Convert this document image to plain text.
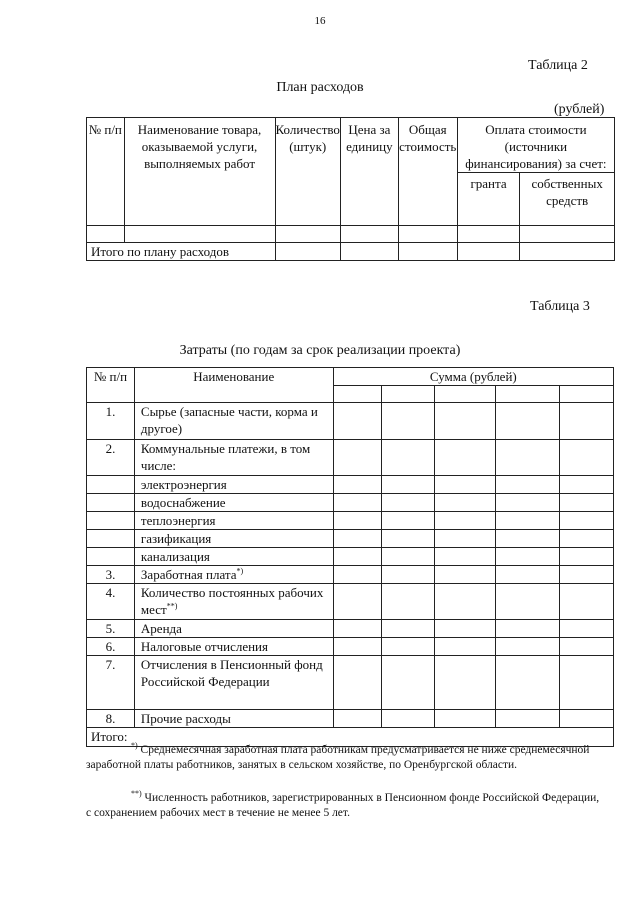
16
Таблица 2
План расходов
(рублей)
№ п/п	Наименование товара, оказываемой услуги, выполняемых работ	Количество (штук)	Цена за единицу	Общая стоимость	Оплата стоимости (источники финансирования) за счет:	
					гранта	собственных средств

Итого по плану расходов						
Таблица 3
Затраты (по годам за срок реализации проекта)
№ п/п	Наименование	Сумма (рублей)				

1.	Сырье (запасные части, корма и другое)					
2.	Коммунальные платежи, в том числе:					
	электроэнергия					
	водоснабжение					
	теплоэнергия					
	газификация					
	канализация					
3.	Заработная плата*)					
4.	Количество постоянных рабочих мест**)					
5.	Аренда					
6.	Налоговые отчисления					
7.	Отчисления в Пенсионный фонд Российской Федерации					
8.	Прочие расходы					
Итого:						
*) Среднемесячная заработная плата работникам предусматривается не ниже среднемесячной заработной платы работников, занятых в сельском хозяйстве, по Оренбургской области.
**) Численность работников, зарегистрированных в Пенсионном фонде Российской Федерации, с сохранением рабочих мест в течение не менее 5 лет.
